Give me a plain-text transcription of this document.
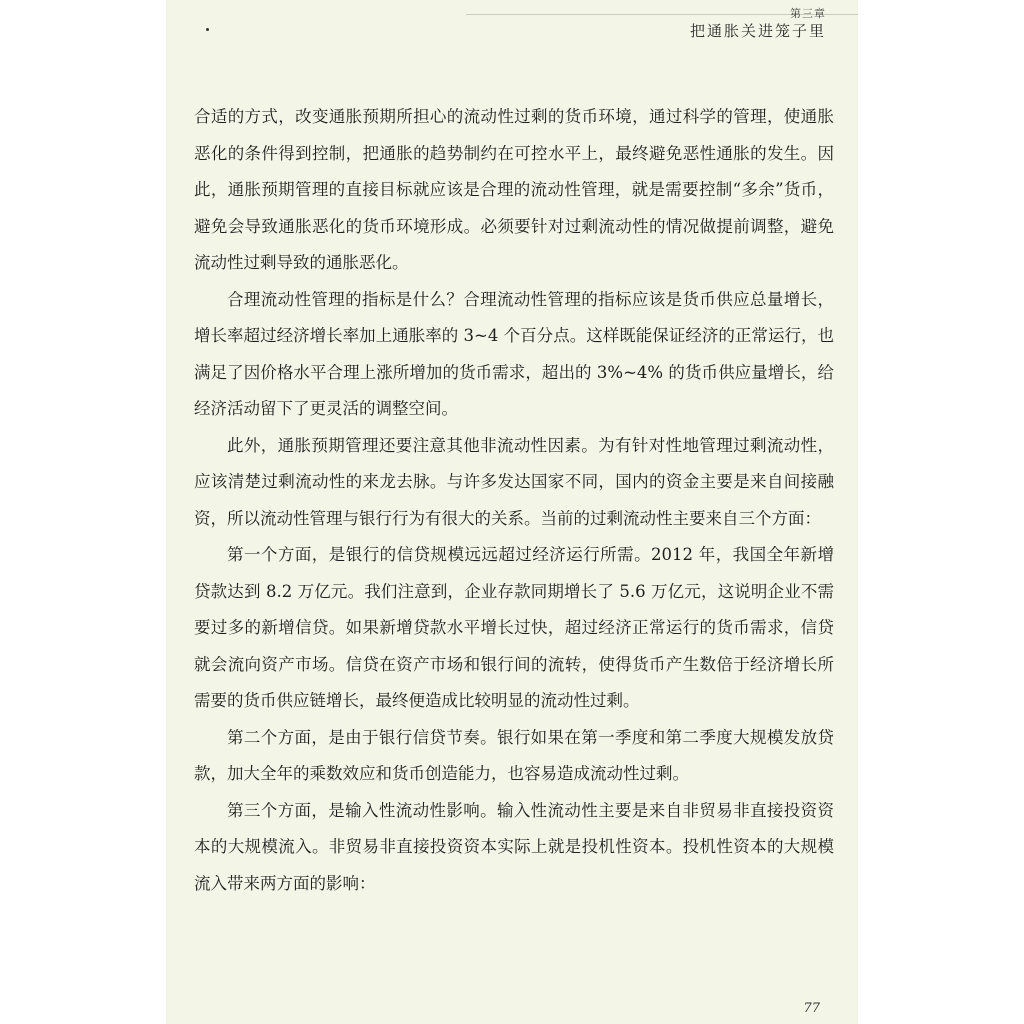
第三章
把通胀关进笼子里

合适的方式，改变通胀预期所担心的流动性过剩的货币环境，通过科学的管理，使通胀恶化的条件得到控制，把通胀的趋势制约在可控水平上，最终避免恶性通胀的发生。因此，通胀预期管理的直接目标就应该是合理的流动性管理，就是需要控制“多余”货币，避免会导致通胀恶化的货币环境形成。必须要针对过剩流动性的情况做提前调整，避免流动性过剩导致的通胀恶化。

合理流动性管理的指标是什么？合理流动性管理的指标应该是货币供应总量增长，增长率超过经济增长率加上通胀率的 3~4 个百分点。这样既能保证经济的正常运行，也满足了因价格水平合理上涨所增加的货币需求，超出的 3%~4% 的货币供应量增长，给经济活动留下了更灵活的调整空间。

此外，通胀预期管理还要注意其他非流动性因素。为有针对性地管理过剩流动性，应该清楚过剩流动性的来龙去脉。与许多发达国家不同，国内的资金主要是来自间接融资，所以流动性管理与银行行为有很大的关系。当前的过剩流动性主要来自三个方面：

第一个方面，是银行的信贷规模远远超过经济运行所需。2012 年，我国全年新增贷款达到 8.2 万亿元。我们注意到，企业存款同期增长了 5.6 万亿元，这说明企业不需要过多的新增信贷。如果新增贷款水平增长过快，超过经济正常运行的货币需求，信贷就会流向资产市场。信贷在资产市场和银行间的流转，使得货币产生数倍于经济增长所需要的货币供应链增长，最终便造成比较明显的流动性过剩。

第二个方面，是由于银行信贷节奏。银行如果在第一季度和第二季度大规模发放贷款，加大全年的乘数效应和货币创造能力，也容易造成流动性过剩。

第三个方面，是输入性流动性影响。输入性流动性主要是来自非贸易非直接投资资本的大规模流入。非贸易非直接投资资本实际上就是投机性资本。投机性资本的大规模流入带来两方面的影响：

77
